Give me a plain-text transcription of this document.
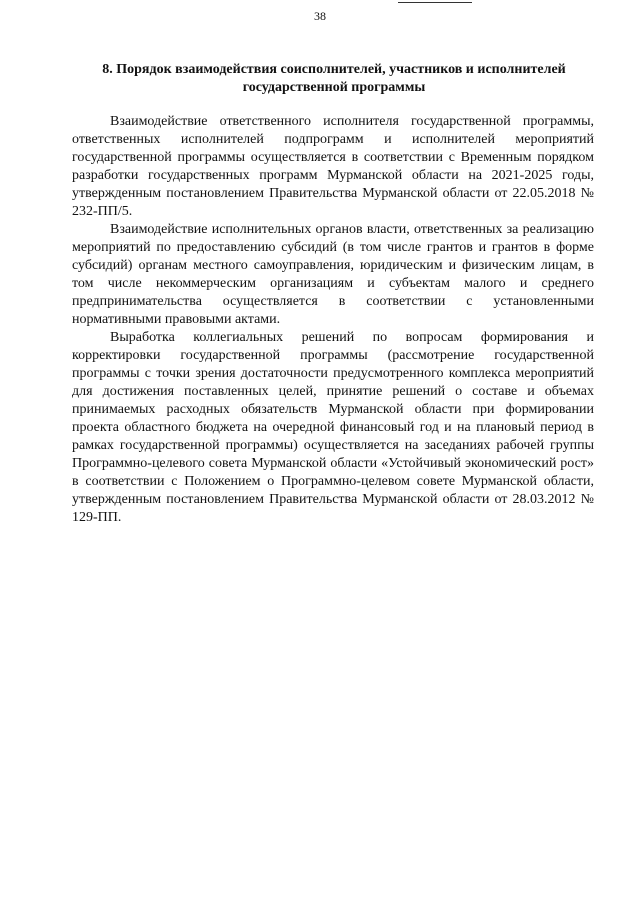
38
8. Порядок взаимодействия соисполнителей, участников и исполнителей государственной программы

Взаимодействие ответственного исполнителя государственной программы, ответственных исполнителей подпрограмм и исполнителей мероприятий государственной программы осуществляется в соответствии с Временным порядком разработки государственных программ Мурманской области на 2021-2025 годы, утвержденным постановлением Правительства Мурманской области от 22.05.2018 № 232-ПП/5.

Взаимодействие исполнительных органов власти, ответственных за реализацию мероприятий по предоставлению субсидий (в том числе грантов и грантов в форме субсидий) органам местного самоуправления, юридическим и физическим лицам, в том числе некоммерческим организациям и субъектам малого и среднего предпринимательства осуществляется в соответствии с установленными нормативными правовыми актами.

Выработка коллегиальных решений по вопросам формирования и корректировки государственной программы (рассмотрение государственной программы с точки зрения достаточности предусмотренного комплекса мероприятий для достижения поставленных целей, принятие решений о составе и объемах принимаемых расходных обязательств Мурманской области при формировании проекта областного бюджета на очередной финансовый год и на плановый период в рамках государственной программы) осуществляется на заседаниях рабочей группы Программно-целевого совета Мурманской области «Устойчивый экономический рост» в соответствии с Положением о Программно-целевом совете Мурманской области, утвержденным постановлением Правительства Мурманской области от 28.03.2012 № 129-ПП.
